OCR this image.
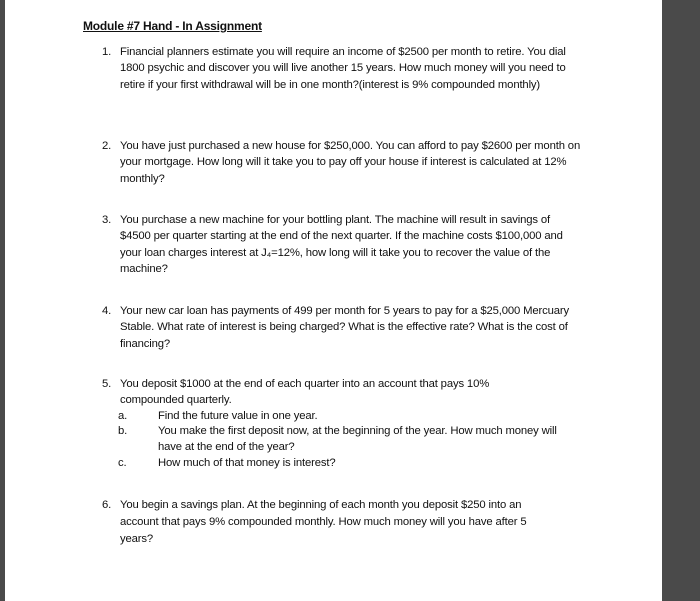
Module #7 Hand - In Assignment
1. Financial planners estimate you will require an income of $2500 per month to retire. You dial 1800 psychic and discover you will live another 15 years. How much money will you need to retire if your first withdrawal will be in one month?(interest is 9% compounded monthly)
2. You have just purchased a new house for $250,000. You can afford to pay $2600 per month on your mortgage. How long will it take you to pay off your house if interest is calculated at 12% monthly?
3. You purchase a new machine for your bottling plant. The machine will result in savings of $4500 per quarter starting at the end of the next quarter. If the machine costs $100,000 and your loan charges interest at J₄=12%, how long will it take you to recover the value of the machine?
4. Your new car loan has payments of 499 per month for 5 years to pay for a $25,000 Mercuary Stable. What rate of interest is being charged? What is the effective rate? What is the cost of financing?
5. You deposit $1000 at the end of each quarter into an account that pays 10% compounded quarterly.
a.	Find the future value in one year.
b.	You make the first deposit now, at the beginning of the year. How much money will have at the end of the year?
c.	How much of that money is interest?
6. You begin a savings plan. At the beginning of each month you deposit $250 into an account that pays 9% compounded monthly. How much money will you have after 5 years?
